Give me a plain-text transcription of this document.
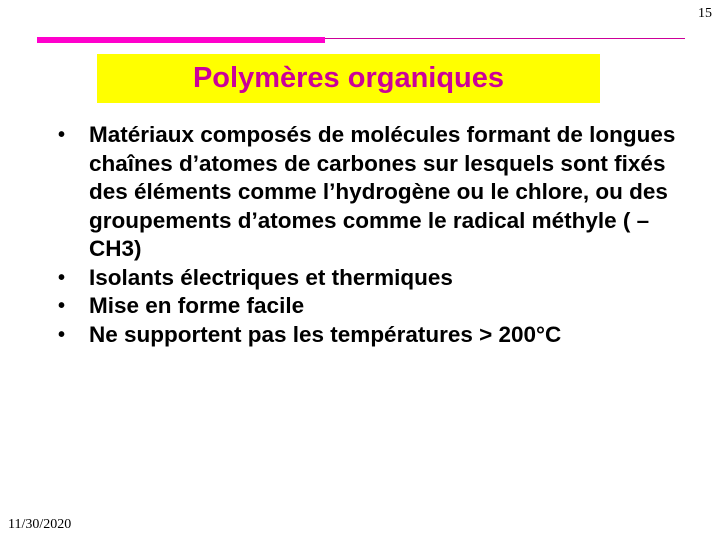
15
Polymères organiques
• Matériaux composés de molécules formant de longues chaînes d’atomes de carbones sur lesquels sont fixés des éléments comme l’hydrogène ou le chlore, ou des groupements d’atomes comme le radical méthyle ( – CH3)
• Isolants électriques et thermiques
• Mise en forme facile
• Ne supportent pas les températures > 200°C
11/30/2020
